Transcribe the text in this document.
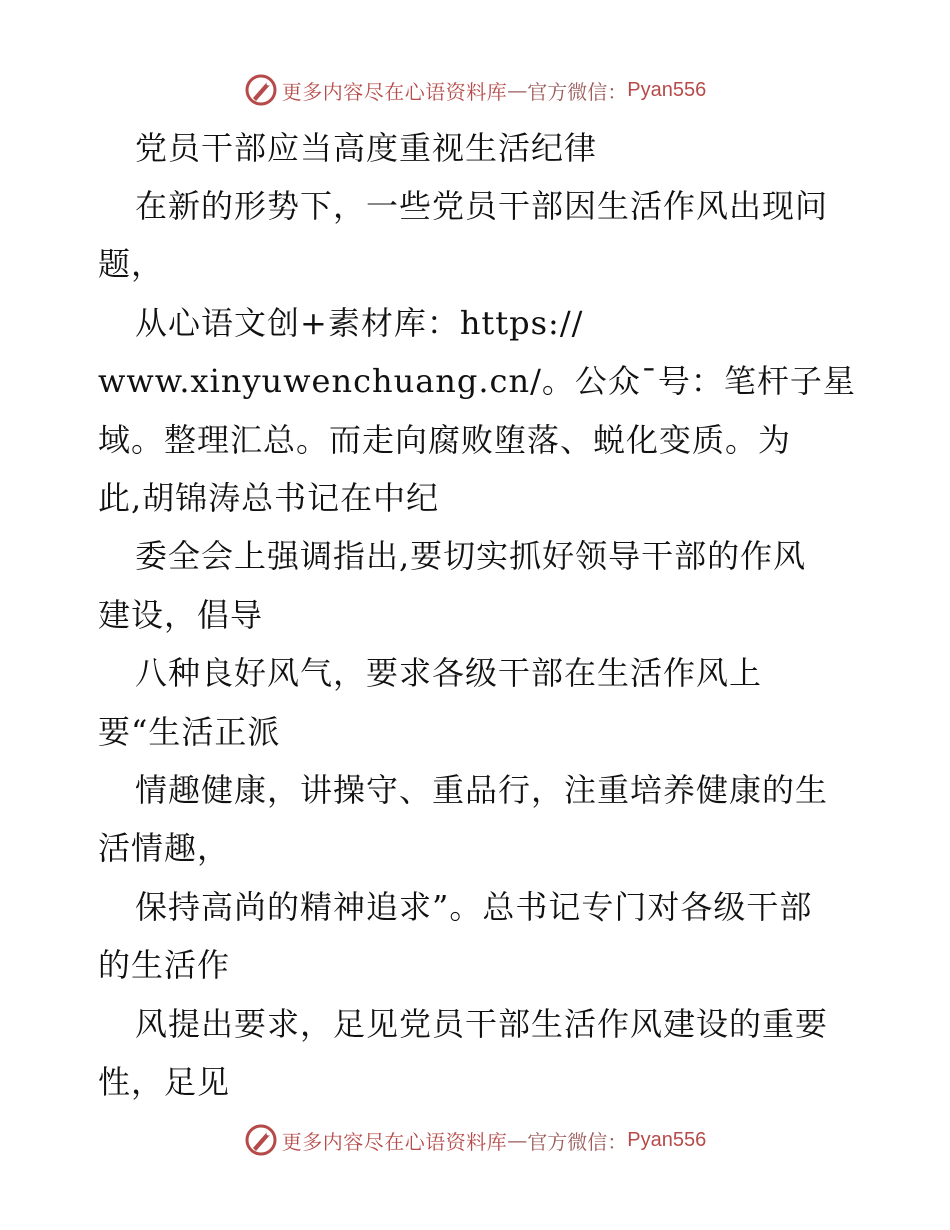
更多内容尽在心语资料库 — 官方微信： Pyan556
党员干部应当高度重视生活纪律
在新的形势下，一些党员干部因生活作风出现问
题，
从心语文创+素材库：https://
www.xinyuwenchuang.cn/。公众¯号：笔杆子星
域。整理汇总。而走向腐败堕落、蜕化变质。为
此,胡锦涛总书记在中纪
委全会上强调指出,要切实抓好领导干部的作风
建设，倡导
八种良好风气，要求各级干部在生活作风上
要“生活正派
情趣健康，讲操守、重品行，注重培养健康的生
活情趣，
保持高尚的精神追求”。总书记专门对各级干部
的生活作
风提出要求，足见党员干部生活作风建设的重要
性，足见
更多内容尽在心语资料库 — 官方微信： Pyan556
